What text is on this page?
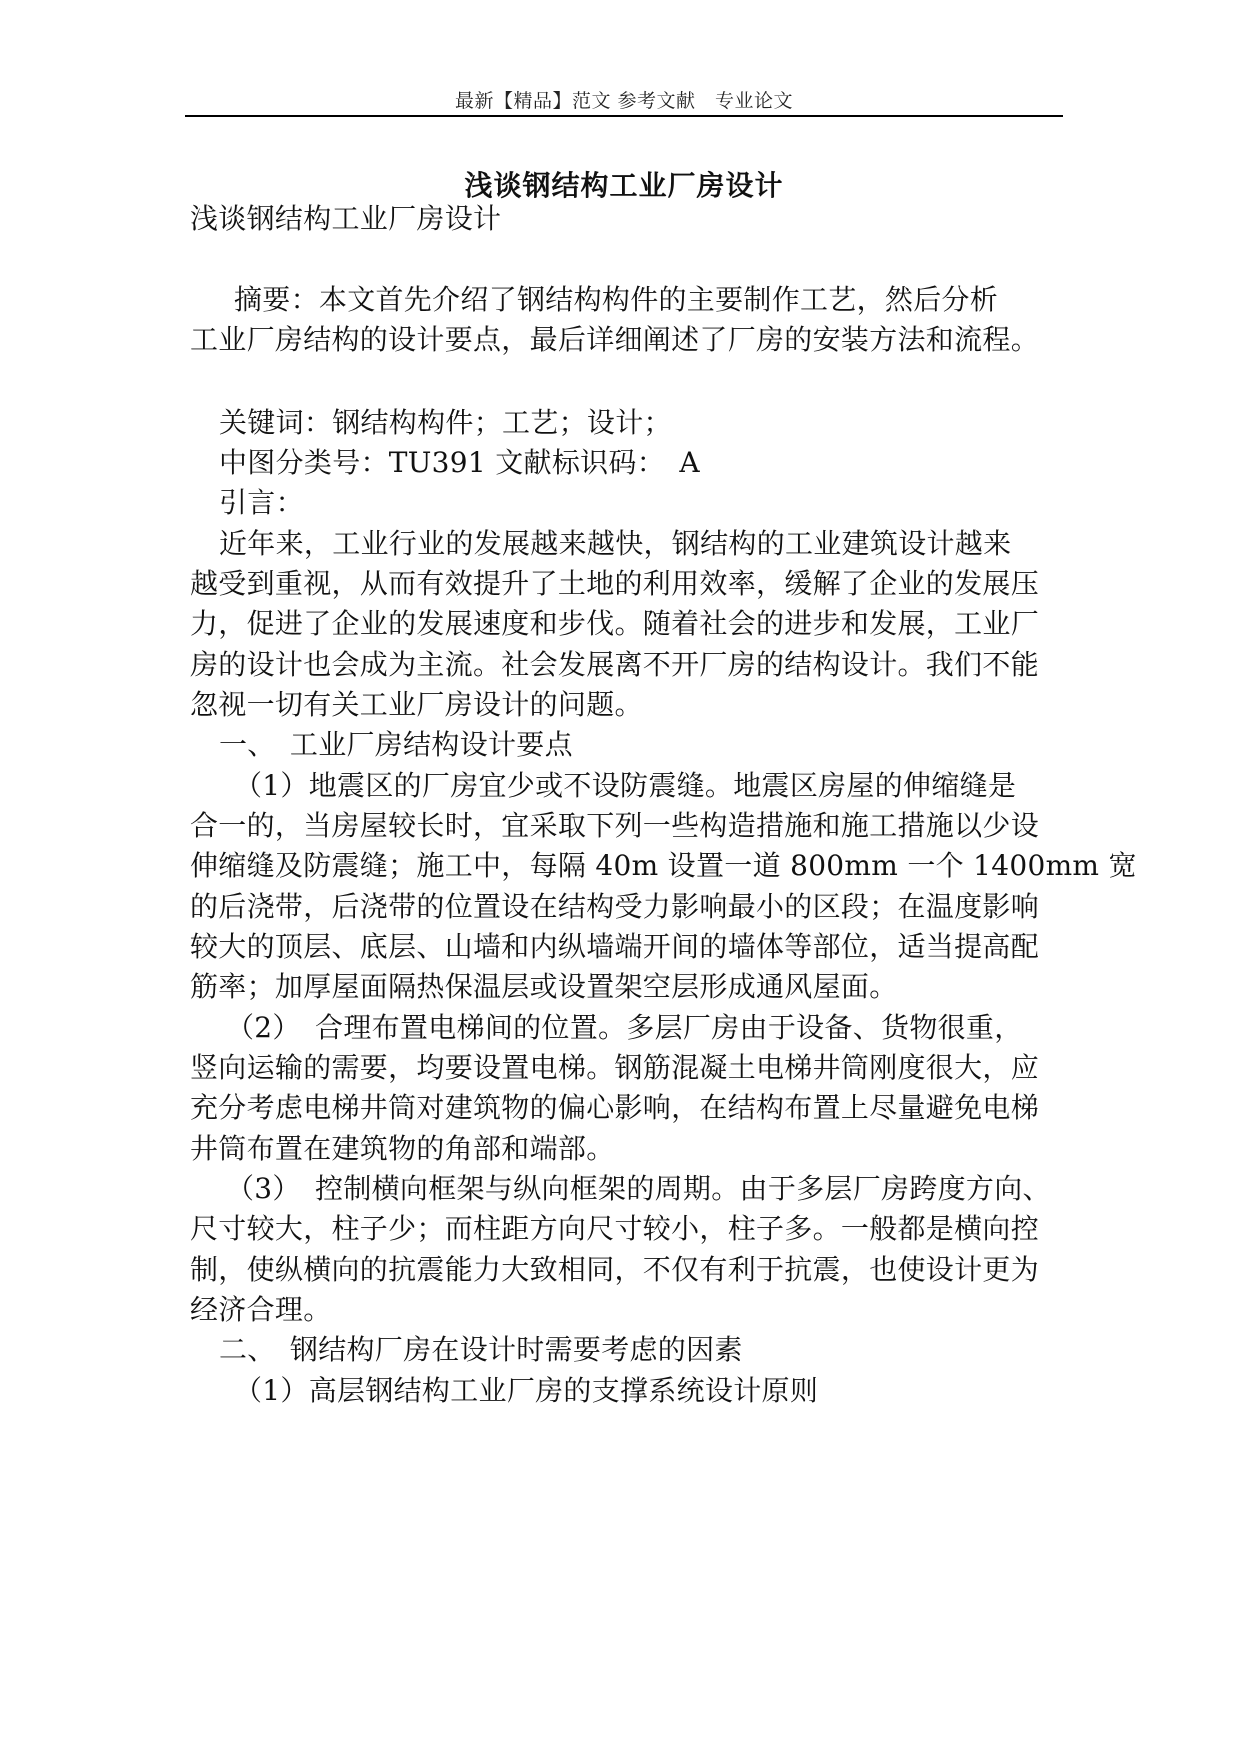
最新【精品】范文 参考文献　专业论文
浅谈钢结构工业厂房设计
浅谈钢结构工业厂房设计
摘要：本文首先介绍了钢结构构件的主要制作工艺，然后分析
工业厂房结构的设计要点，最后详细阐述了厂房的安装方法和流程。
关键词：钢结构构件；工艺；设计；
中图分类号：TU391 文献标识码：　A
引言：
近年来，工业行业的发展越来越快，钢结构的工业建筑设计越来
越受到重视，从而有效提升了土地的利用效率，缓解了企业的发展压
力，促进了企业的发展速度和步伐。随着社会的进步和发展，工业厂
房的设计也会成为主流。社会发展离不开厂房的结构设计。我们不能
忽视一切有关工业厂房设计的问题。
一、　工业厂房结构设计要点
（1）地震区的厂房宜少或不设防震缝。地震区房屋的伸缩缝是
合一的，当房屋较长时，宜采取下列一些构造措施和施工措施以少设
伸缩缝及防震缝；施工中，每隔 40m 设置一道 800mm 一个 1400mm 宽
的后浇带，后浇带的位置设在结构受力影响最小的区段；在温度影响
较大的顶层、底层、山墙和内纵墙端开间的墙体等部位，适当提高配
筋率；加厚屋面隔热保温层或设置架空层形成通风屋面。
（2）　合理布置电梯间的位置。多层厂房由于设备、货物很重，
竖向运输的需要，均要设置电梯。钢筋混凝土电梯井筒刚度很大，应
充分考虑电梯井筒对建筑物的偏心影响，在结构布置上尽量避免电梯
井筒布置在建筑物的角部和端部。
（3）　控制横向框架与纵向框架的周期。由于多层厂房跨度方向、
尺寸较大，柱子少；而柱距方向尺寸较小，柱子多。一般都是横向控
制，使纵横向的抗震能力大致相同，不仅有利于抗震，也使设计更为
经济合理。
二、　钢结构厂房在设计时需要考虑的因素
（1）高层钢结构工业厂房的支撑系统设计原则
